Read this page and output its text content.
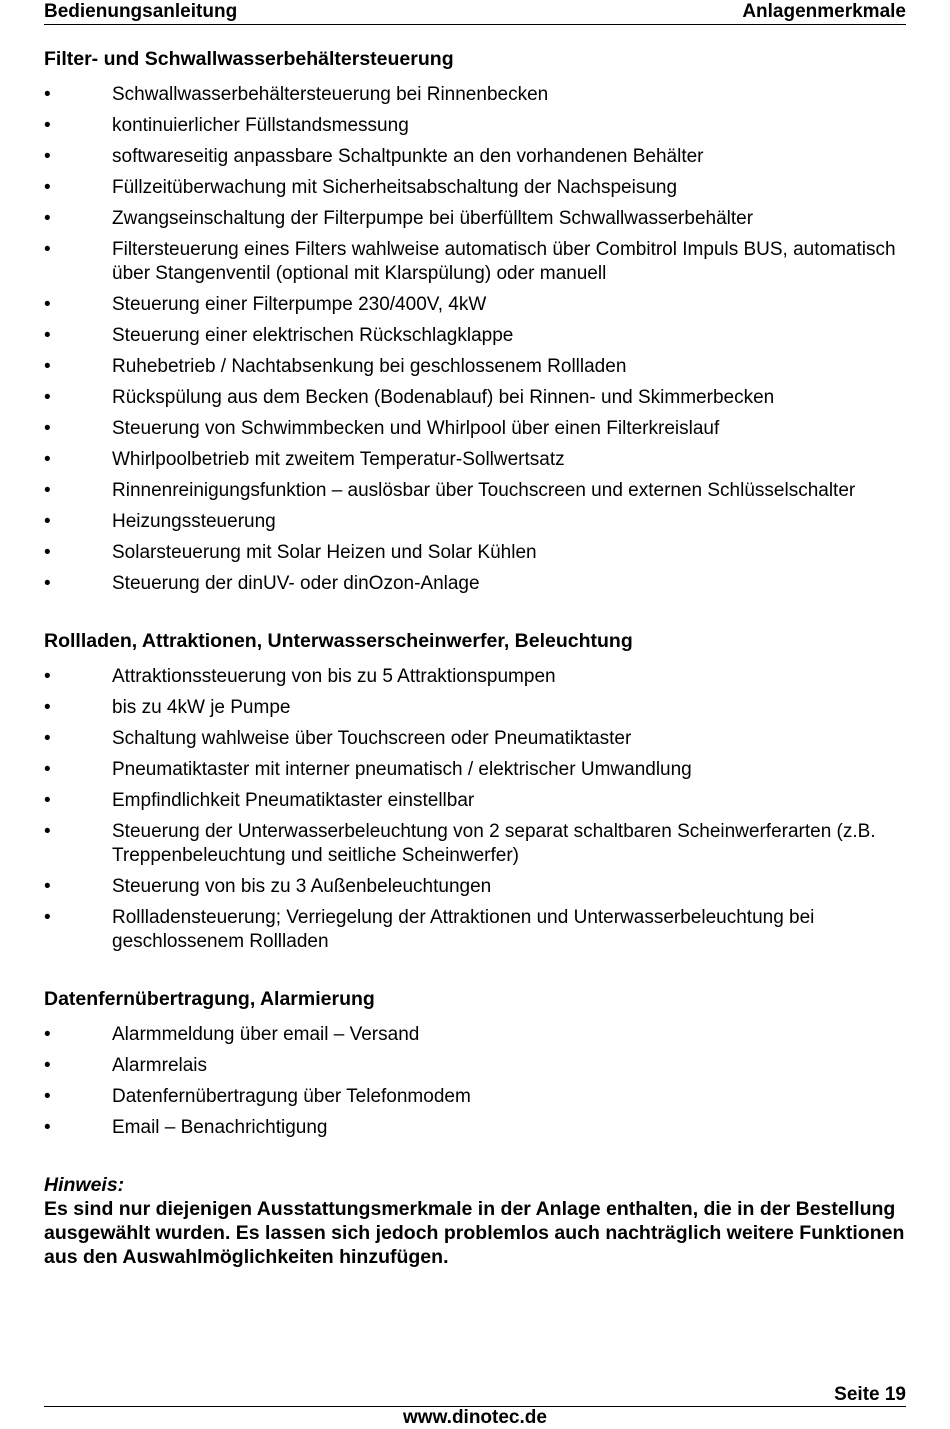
Bedienungsanleitung	Anlagenmerkmale
Filter- und Schwallwasserbehältersteuerung
•	Schwallwasserbehältersteuerung bei Rinnenbecken
•	kontinuierlicher Füllstandsmessung
•	softwareseitig anpassbare Schaltpunkte an den vorhandenen Behälter
•	Füllzeitüberwachung mit Sicherheitsabschaltung der Nachspeisung
•	Zwangseinschaltung der Filterpumpe bei überfülltem Schwallwasserbehälter
•	Filtersteuerung eines Filters wahlweise automatisch über Combitrol Impuls BUS, automatisch über Stangenventil (optional mit Klarspülung) oder manuell
•	Steuerung einer Filterpumpe 230/400V, 4kW
•	Steuerung einer elektrischen Rückschlagklappe
•	Ruhebetrieb / Nachtabsenkung bei geschlossenem Rollladen
•	Rückspülung aus dem Becken (Bodenablauf) bei Rinnen- und Skimmerbecken
•	Steuerung von Schwimmbecken und Whirlpool über einen Filterkreislauf
•	Whirlpoolbetrieb mit zweitem Temperatur-Sollwertsatz
•	Rinnenreinigungsfunktion – auslösbar über Touchscreen und externen Schlüsselschalter
•	Heizungssteuerung
•	Solarsteuerung mit Solar Heizen und Solar Kühlen
•	Steuerung der dinUV- oder dinOzon-Anlage
Rollladen, Attraktionen, Unterwasserscheinwerfer, Beleuchtung
•	Attraktionssteuerung von bis zu 5 Attraktionspumpen
•	bis zu 4kW je Pumpe
•	Schaltung wahlweise über Touchscreen oder Pneumatiktaster
•	Pneumatiktaster mit interner pneumatisch / elektrischer Umwandlung
•	Empfindlichkeit Pneumatiktaster einstellbar
•	Steuerung der Unterwasserbeleuchtung von 2 separat schaltbaren Scheinwerferarten (z.B. Treppenbeleuchtung und seitliche Scheinwerfer)
•	Steuerung von bis zu 3 Außenbeleuchtungen
•	Rollladensteuerung; Verriegelung der Attraktionen und Unterwasserbeleuchtung bei geschlossenem Rollladen
Datenfernübertragung, Alarmierung
•	Alarmmeldung über email – Versand
•	Alarmrelais
•	Datenfernübertragung über Telefonmodem
•	Email – Benachrichtigung
Hinweis:
Es sind nur diejenigen Ausstattungsmerkmale in der Anlage enthalten, die in der Bestellung ausgewählt wurden. Es lassen sich jedoch problemlos auch nachträglich weitere Funktionen aus den Auswahlmöglichkeiten hinzufügen.
Seite 19
www.dinotec.de
